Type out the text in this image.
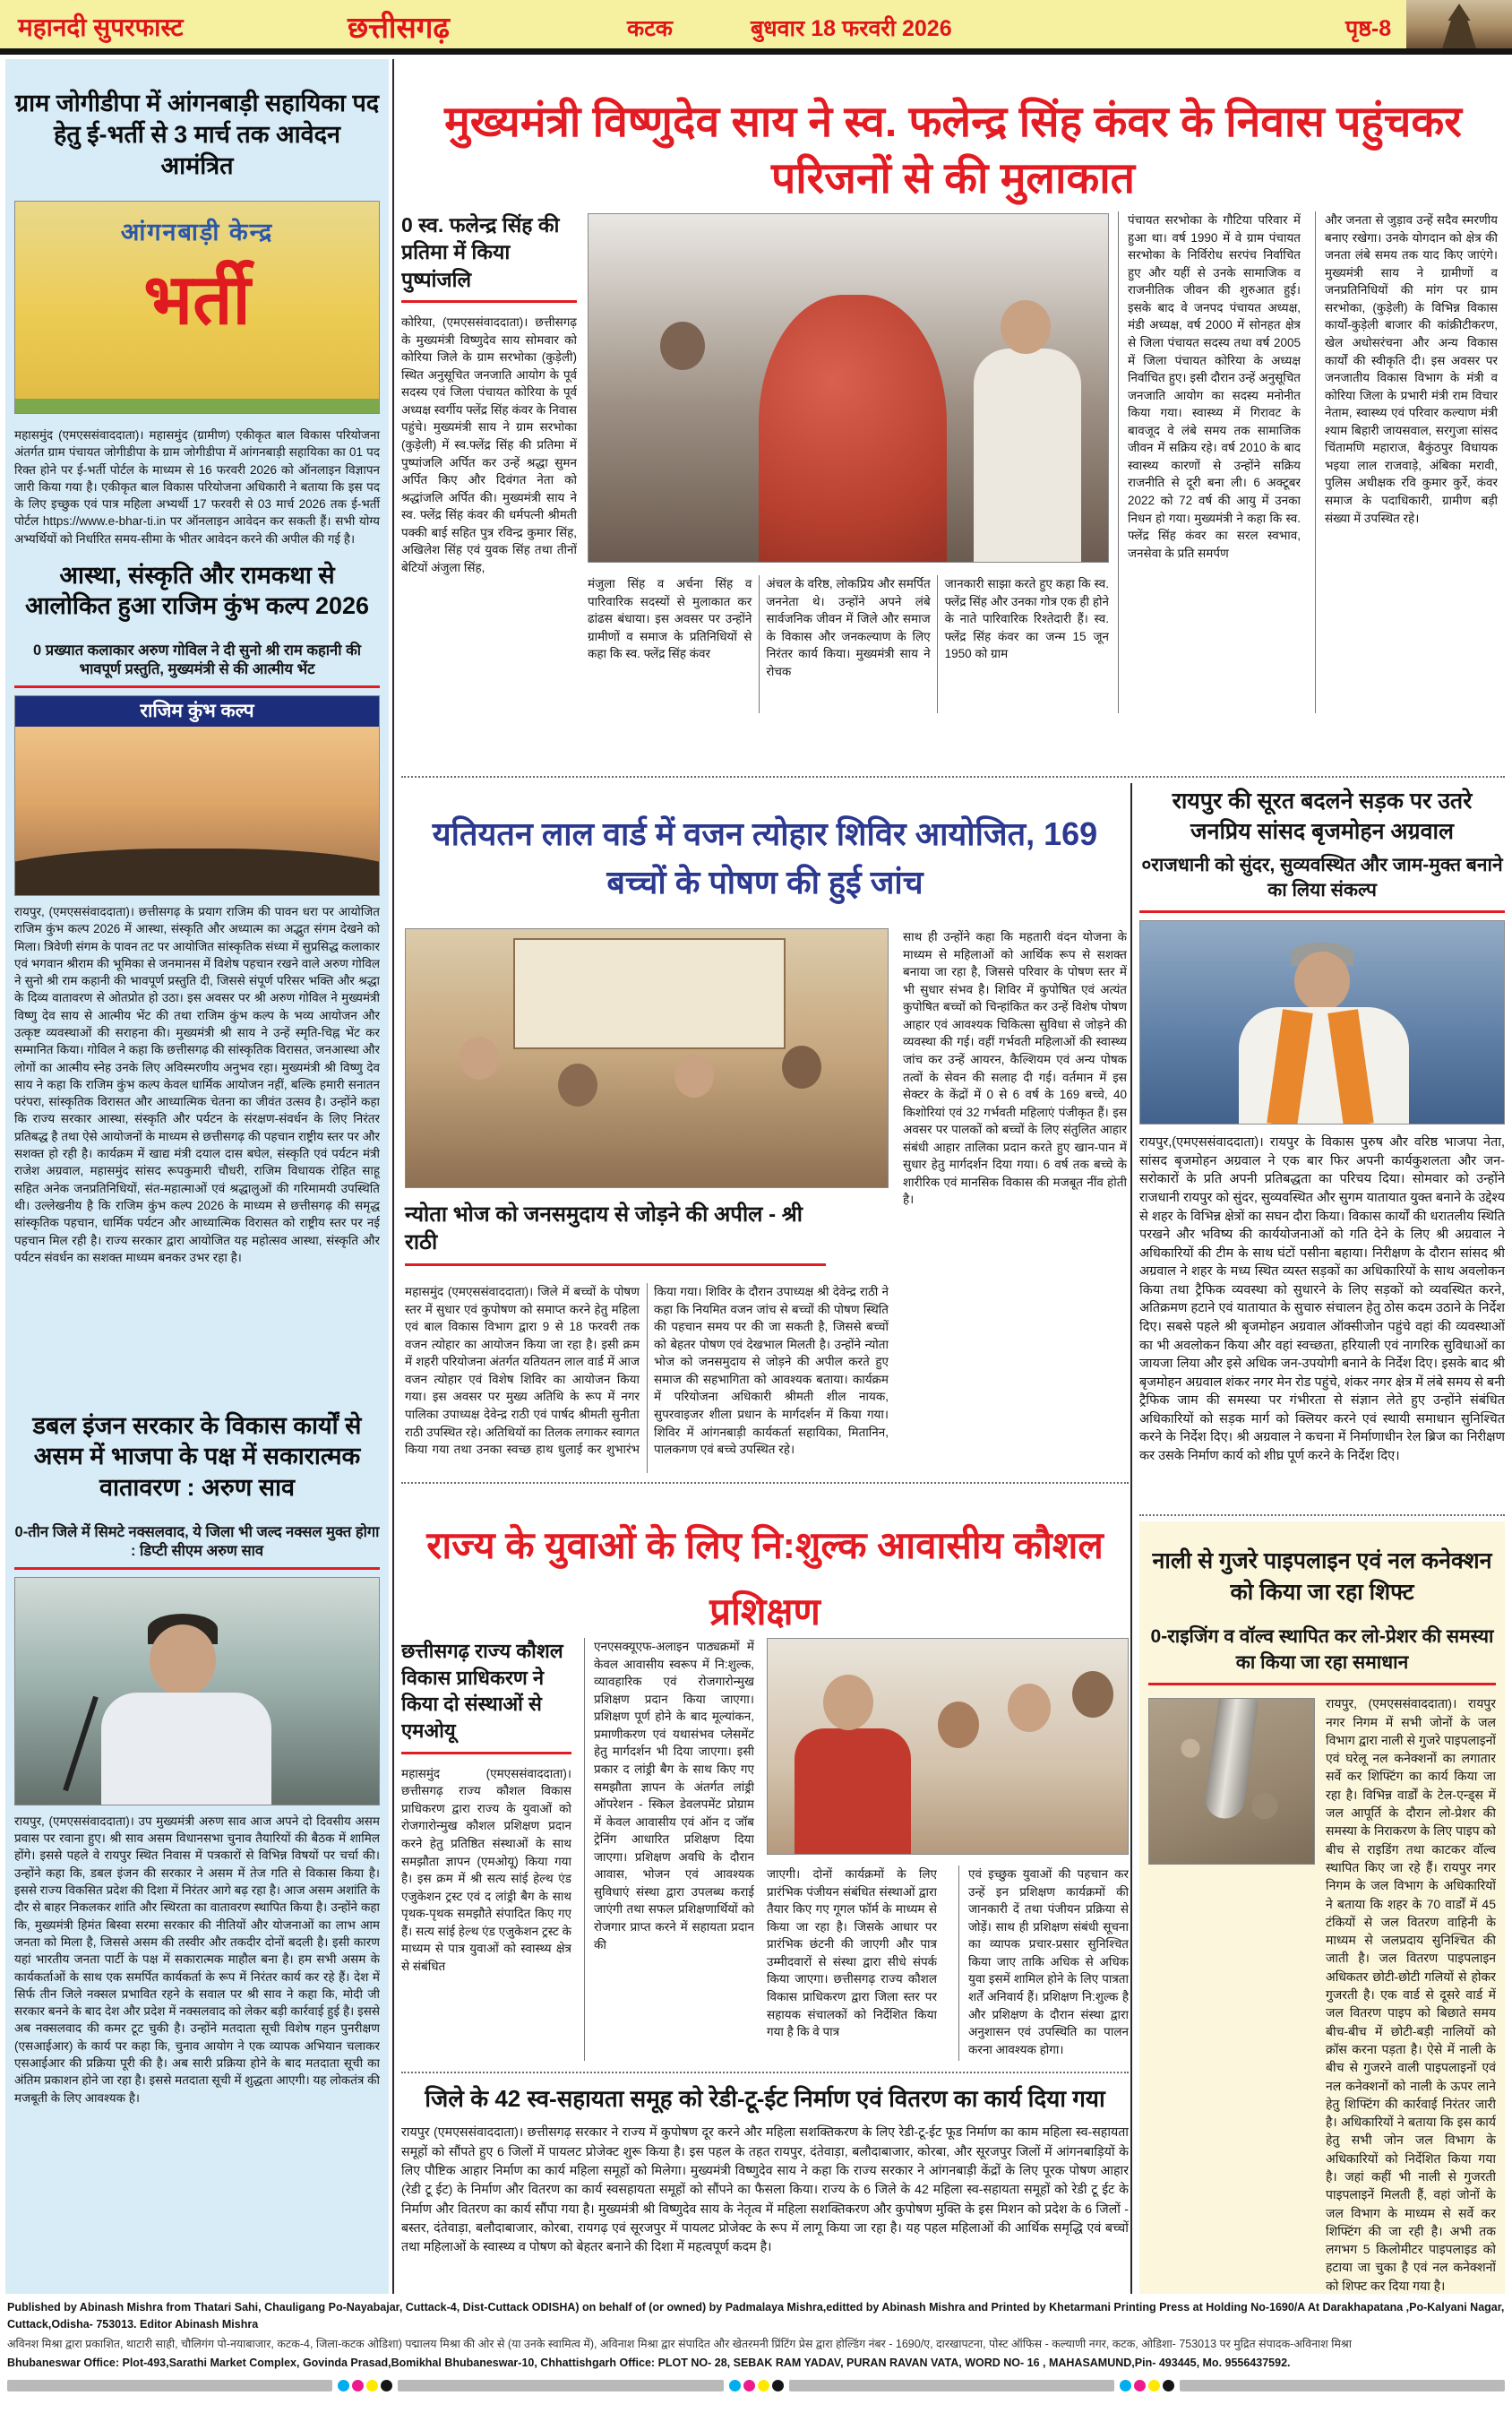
महानदी सुपरफास्ट	छत्तीसगढ़	कटक	बुधवार 18 फरवरी 2026	पृष्ठ-8
ग्राम जोगीडीपा में आंगनबाड़ी सहायिका पद हेतु ई-भर्ती से 3 मार्च तक आवेदन आमंत्रित
आंगनबाड़ी केन्द्र
भर्ती

महासमुंद (एमएससंवाददाता)। महासमुंद (ग्रामीण) एकीकृत बाल विकास परियोजना अंतर्गत ग्राम पंचायत जोगीडीपा के ग्राम जोगीडीपा में आंगनबाड़ी सहायिका का 01 पद रिक्त होने पर ई-भर्ती पोर्टल के माध्यम से 16 फरवरी 2026 को ऑनलाइन विज्ञापन जारी किया गया है। एकीकृत बाल विकास परियोजना अधिकारी ने बताया कि इस पद के लिए इच्छुक एवं पात्र महिला अभ्यर्थी 17 फरवरी से 03 मार्च 2026 तक ई-भर्ती पोर्टल https://www.e-bhar-ti.in पर ऑनलाइन आवेदन कर सकती हैं। सभी योग्य अभ्यर्थियों को निर्धारित समय-सीमा के भीतर आवेदन करने की अपील की गई है।

आस्था, संस्कृति और रामकथा से आलोकित हुआ राजिम कुंभ कल्प 2026
0 प्रख्यात कलाकार अरुण गोविल ने दी सुनो श्री राम कहानी की भावपूर्ण प्रस्तुति, मुख्यमंत्री से की आत्मीय भेंट
राजिम कुंभ कल्प

रायपुर, (एमएससंवाददाता)। छत्तीसगढ़ के प्रयाग राजिम की पावन धरा पर आयोजित राजिम कुंभ कल्प 2026 में आस्था, संस्कृति और अध्यात्म का अद्भुत संगम देखने को मिला। त्रिवेणी संगम के पावन तट पर आयोजित सांस्कृतिक संध्या में सुप्रसिद्ध कलाकार एवं भगवान श्रीराम की भूमिका से जनमानस में विशेष पहचान रखने वाले अरुण गोविल ने सुनो श्री राम कहानी की भावपूर्ण प्रस्तुति दी, जिससे संपूर्ण परिसर भक्ति और श्रद्धा के दिव्य वातावरण से ओतप्रोत हो उठा। इस अवसर पर श्री अरुण गोविल ने मुख्यमंत्री विष्णु देव साय से आत्मीय भेंट की तथा राजिम कुंभ कल्प के भव्य आयोजन और उत्कृष्ट व्यवस्थाओं की सराहना की। मुख्यमंत्री श्री साय ने उन्हें स्मृति-चिह्न भेंट कर सम्मानित किया। गोविल ने कहा कि छत्तीसगढ़ की सांस्कृतिक विरासत, जनआस्था और लोगों का आत्मीय स्नेह उनके लिए अविस्मरणीय अनुभव रहा। मुख्यमंत्री श्री विष्णु देव साय ने कहा कि राजिम कुंभ कल्प केवल धार्मिक आयोजन नहीं, बल्कि हमारी सनातन परंपरा, सांस्कृतिक विरासत और आध्यात्मिक चेतना का जीवंत उत्सव है। उन्होंने कहा कि राज्य सरकार आस्था, संस्कृति और पर्यटन के संरक्षण-संवर्धन के लिए निरंतर प्रतिबद्ध है तथा ऐसे आयोजनों के माध्यम से छत्तीसगढ़ की पहचान राष्ट्रीय स्तर पर और सशक्त हो रही है। कार्यक्रम में खाद्य मंत्री दयाल दास बघेल, संस्कृति एवं पर्यटन मंत्री राजेश अग्रवाल, महासमुंद सांसद रूपकुमारी चौधरी, राजिम विधायक रोहित साहू सहित अनेक जनप्रतिनिधियों, संत-महात्माओं एवं श्रद्धालुओं की गरिमामयी उपस्थिति थी। उल्लेखनीय है कि राजिम कुंभ कल्प 2026 के माध्यम से छत्तीसगढ़ की समृद्ध सांस्कृतिक पहचान, धार्मिक पर्यटन और आध्यात्मिक विरासत को राष्ट्रीय स्तर पर नई पहचान मिल रही है। राज्य सरकार द्वारा आयोजित यह महोत्सव आस्था, संस्कृति और पर्यटन संवर्धन का सशक्त माध्यम बनकर उभर रहा है।

डबल इंजन सरकार के विकास कार्यों से असम में भाजपा के पक्ष में सकारात्मक वातावरण : अरुण साव
0-तीन जिले में सिमटे नक्सलवाद, ये जिला भी जल्द नक्सल मुक्त होगा : डिप्टी सीएम अरुण साव

रायपुर, (एमएससंवाददाता)। उप मुख्यमंत्री अरुण साव आज अपने दो दिवसीय असम प्रवास पर रवाना हुए। श्री साव असम विधानसभा चुनाव तैयारियों की बैठक में शामिल होंगे। इससे पहले वे रायपुर स्थित निवास में पत्रकारों से विभिन्न विषयों पर चर्चा की। उन्होंने कहा कि, डबल इंजन की सरकार ने असम में तेज गति से विकास किया है। इससे राज्य विकसित प्रदेश की दिशा में निरंतर आगे बढ़ रहा है। आज असम अशांति के दौर से बाहर निकलकर शांति और स्थिरता का वातावरण स्थापित किया है। उन्होंने कहा कि, मुख्यमंत्री हिमंत बिस्वा सरमा सरकार की नीतियों और योजनाओं का लाभ आम जनता को मिला है, जिससे असम की तस्वीर और तकदीर दोनों बदली है। इसी कारण यहां भारतीय जनता पार्टी के पक्ष में सकारात्मक माहौल बना है। हम सभी असम के कार्यकर्ताओं के साथ एक समर्पित कार्यकर्ता के रूप में निरंतर कार्य कर रहे हैं। देश में सिर्फ तीन जिले नक्सल प्रभावित रहने के सवाल पर श्री साव ने कहा कि, मोदी जी सरकार बनने के बाद देश और प्रदेश में नक्सलवाद को लेकर बड़ी कार्रवाई हुई है। इससे अब नक्सलवाद की कमर टूट चुकी है। उन्होंने मतदाता सूची विशेष गहन पुनरीक्षण (एसआईआर) के कार्य पर कहा कि, चुनाव आयोग ने एक व्यापक अभियान चलाकर एसआईआर की प्रक्रिया पूरी की है। अब सारी प्रक्रिया होने के बाद मतदाता सूची का अंतिम प्रकाशन होने जा रहा है। इससे मतदाता सूची में शुद्धता आएगी। यह लोकतंत्र की मजबूती के लिए आवश्यक है।

मुख्यमंत्री विष्णुदेव साय ने स्व. फलेन्द्र सिंह कंवर के निवास पहुंचकर परिजनों से की मुलाकात
0 स्व. फलेन्द्र सिंह की प्रतिमा में किया पुष्पांजलि

कोरिया, (एमएससंवाददाता)। छत्तीसगढ़ के मुख्यमंत्री विष्णुदेव साय सोमवार को कोरिया जिले के ग्राम सरभोका (कुड़ेली) स्थित अनुसूचित जनजाति आयोग के पूर्व सदस्य एवं जिला पंचायत कोरिया के पूर्व अध्यक्ष स्वर्गीय फ्लेंद्र सिंह कंवर के निवास पहुंचे। मुख्यमंत्री साय ने ग्राम सरभोका (कुड़ेली) में स्व.फ्लेंद्र सिंह की प्रतिमा में पुष्पांजलि अर्पित कर उन्हें श्रद्धा सुमन अर्पित किए और दिवंगत नेता को श्रद्धांजलि अर्पित की। मुख्यमंत्री साय ने स्व. फ्लेंद्र सिंह कंवर की धर्मपत्नी श्रीमती पक्की बाई सहित पुत्र रविन्द्र कुमार सिंह, अखिलेश सिंह एवं युवक सिंह तथा तीनों बेटियों अंजुला सिंह,

मंजुला सिंह व अर्चना सिंह व पारिवारिक सदस्यों से मुलाकात कर ढांढस बंधाया। इस अवसर पर उन्होंने ग्रामीणों व समाज के प्रतिनिधियों से कहा कि स्व. फ्लेंद्र सिंह कंवर

अंचल के वरिष्ठ, लोकप्रिय और समर्पित जननेता थे। उन्होंने अपने लंबे सार्वजनिक जीवन में जिले और समाज के विकास और जनकल्याण के लिए निरंतर कार्य किया। मुख्यमंत्री साय ने रोचक

जानकारी साझा करते हुए कहा कि स्व. फ्लेंद्र सिंह और उनका गोत्र एक ही होने के नाते पारिवारिक रिश्तेदारी हैं। स्व. फ्लेंद्र सिंह कंवर का जन्म 15 जून 1950 को ग्राम

पंचायत सरभोका के गौटिया परिवार में हुआ था। वर्ष 1990 में वे ग्राम पंचायत सरभोका के निर्विरोध सरपंच निर्वाचित हुए और यहीं से उनके सामाजिक व राजनीतिक जीवन की शुरुआत हुई। इसके बाद वे जनपद पंचायत अध्यक्ष, मंडी अध्यक्ष, वर्ष 2000 में सोनहत क्षेत्र से जिला पंचायत सदस्य तथा वर्ष 2005 में जिला पंचायत कोरिया के अध्यक्ष निर्वाचित हुए। इसी दौरान उन्हें अनुसूचित जनजाति आयोग का सदस्य मनोनीत किया गया। स्वास्थ्य में गिरावट के बावजूद वे लंबे समय तक सामाजिक जीवन में सक्रिय रहे। वर्ष 2010 के बाद स्वास्थ्य कारणों से उन्होंने सक्रिय राजनीति से दूरी बना ली। 6 अक्टूबर 2022 को 72 वर्ष की आयु में उनका निधन हो गया। मुख्यमंत्री ने कहा कि स्व. फ्लेंद्र सिंह कंवर का सरल स्वभाव, जनसेवा के प्रति समर्पण

और जनता से जुड़ाव उन्हें सदैव स्मरणीय बनाए रखेगा। उनके योगदान को क्षेत्र की जनता लंबे समय तक याद किए जाएंगे। मुख्यमंत्री साय ने ग्रामीणों व जनप्रतिनिधियों की मांग पर ग्राम सरभोका, (कुड़ेली) के विभिन्न विकास कार्यों-कुड़ेली बाजार की कांक्रीटीकरण, खेल अधोसरंचना और अन्य विकास कार्यों की स्वीकृति दी। इस अवसर पर जनजातीय विकास विभाग के मंत्री व कोरिया जिला के प्रभारी मंत्री राम विचार नेताम, स्वास्थ्य एवं परिवार कल्याण मंत्री श्याम बिहारी जायसवाल, सरगुजा सांसद चिंतामणि महाराज, बैकुंठपुर विधायक भइया लाल राजवाड़े, अंबिका मरावी, पुलिस अधीक्षक रवि कुमार कुर्रे, कंवर समाज के पदाधिकारी, ग्रामीण बड़ी संख्या में उपस्थित रहे।

यतियतन लाल वार्ड में वजन त्योहार शिविर आयोजित, 169 बच्चों के पोषण की हुई जांच

साथ ही उन्होंने कहा कि महतारी वंदन योजना के माध्यम से महिलाओं को आर्थिक रूप से सशक्त बनाया जा रहा है, जिससे परिवार के पोषण स्तर में भी सुधार संभव है। शिविर में कुपोषित एवं अत्यंत कुपोषित बच्चों को चिन्हांकित कर उन्हें विशेष पोषण आहार एवं आवश्यक चिकित्सा सुविधा से जोड़ने की व्यवस्था की गई। वहीं गर्भवती महिलाओं की स्वास्थ्य जांच कर उन्हें आयरन, कैल्शियम एवं अन्य पोषक तत्वों के सेवन की सलाह दी गई। वर्तमान में इस सेक्टर के केंद्रों में 0 से 6 वर्ष के 169 बच्चे, 40 किशोरियां एवं 32 गर्भवती महिलाएं पंजीकृत हैं। इस अवसर पर पालकों को बच्चों के लिए संतुलित आहार संबंधी आहार तालिका प्रदान करते हुए खान-पान में सुधार हेतु मार्गदर्शन दिया गया। 6 वर्ष तक बच्चे के शारीरिक एवं मानसिक विकास की मजबूत नींव होती है।

न्योता भोज को जनसमुदाय से जोड़ने की अपील - श्री राठी

महासमुंद (एमएससंवाददाता)। जिले में बच्चों के पोषण स्तर में सुधार एवं कुपोषण को समाप्त करने हेतु महिला एवं बाल विकास विभाग द्वारा 9 से 18 फरवरी तक वजन त्योहार का आयोजन किया जा रहा है। इसी क्रम में शहरी परियोजना अंतर्गत यतियतन लाल वार्ड में आज वजन त्योहार एवं विशेष शिविर का आयोजन किया गया। इस अवसर पर मुख्य अतिथि के रूप में नगर पालिका उपाध्यक्ष देवेन्द्र राठी एवं पार्षद श्रीमती सुनीता राठी उपस्थित रहे। अतिथियों का तिलक लगाकर स्वागत किया गया तथा उनका स्वच्छ हाथ धुलाई कर शुभारंभ किया गया। शिविर के दौरान उपाध्यक्ष श्री देवेन्द्र राठी ने कहा कि नियमित वजन जांच से बच्चों की पोषण स्थिति की पहचान समय पर की जा सकती है, जिससे बच्चों को बेहतर पोषण एवं देखभाल मिलती है। उन्होंने न्योता भोज को जनसमुदाय से जोड़ने की अपील करते हुए समाज की सहभागिता को आवश्यक बताया। कार्यक्रम में परियोजना अधिकारी श्रीमती शील नायक, सुपरवाइजर शीला प्रधान के मार्गदर्शन में किया गया। शिविर में आंगनबाड़ी कार्यकर्ता सहायिका, मितानिन, पालकगण एवं बच्चे उपस्थित रहे।

रायपुर की सूरत बदलने सड़क पर उतरे जनप्रिय सांसद बृजमोहन अग्रवाल
०राजधानी को सुंदर, सुव्यवस्थित और जाम-मुक्त बनाने का लिया संकल्प

रायपुर,(एमएससंवाददाता)। रायपुर के विकास पुरुष और वरिष्ठ भाजपा नेता, सांसद बृजमोहन अग्रवाल ने एक बार फिर अपनी कार्यकुशलता और जन-सरोकारों के प्रति अपनी प्रतिबद्धता का परिचय दिया। सोमवार को उन्होंने राजधानी रायपुर को सुंदर, सुव्यवस्थित और सुगम यातायात युक्त बनाने के उद्देश्य से शहर के विभिन्न क्षेत्रों का सघन दौरा किया। विकास कार्यों की धरातलीय स्थिति परखने और भविष्य की कार्ययोजनाओं को गति देने के लिए श्री अग्रवाल ने अधिकारियों की टीम के साथ घंटों पसीना बहाया। निरीक्षण के दौरान सांसद श्री अग्रवाल ने शहर के मध्य स्थित व्यस्त सड़कों का अधिकारियों के साथ अवलोकन किया तथा ट्रैफिक व्यवस्था को सुधारने के लिए सड़कों को व्यवस्थित करने, अतिक्रमण हटाने एवं यातायात के सुचारु संचालन हेतु ठोस कदम उठाने के निर्देश दिए। सबसे पहले श्री बृजमोहन अग्रवाल ऑक्सीजोन पहुंचे वहां की व्यवस्थाओं का भी अवलोकन किया और वहां स्वच्छता, हरियाली एवं नागरिक सुविधाओं का जायजा लिया और इसे अधिक जन-उपयोगी बनाने के निर्देश दिए। इसके बाद श्री बृजमोहन अग्रवाल शंकर नगर मेन रोड पहुंचे, शंकर नगर क्षेत्र में लंबे समय से बनी ट्रैफिक जाम की समस्या पर गंभीरता से संज्ञान लेते हुए उन्होंने संबंधित अधिकारियों को सड़क मार्ग को क्लियर करने एवं स्थायी समाधान सुनिश्चित करने के निर्देश दिए। श्री अग्रवाल ने कचना में निर्माणाधीन रेल ब्रिज का निरीक्षण कर उसके निर्माण कार्य को शीघ्र पूर्ण करने के निर्देश दिए।

राज्य के युवाओं के लिए नि:शुल्क आवासीय कौशल प्रशिक्षण
छत्तीसगढ़ राज्य कौशल विकास प्राधिकरण ने किया दो संस्थाओं से एमओयू

महासमुंद (एमएससंवाददाता)। छत्तीसगढ़ राज्य कौशल विकास प्राधिकरण द्वारा राज्य के युवाओं को रोजगारोन्मुख कौशल प्रशिक्षण प्रदान करने हेतु प्रतिष्ठित संस्थाओं के साथ समझौता ज्ञापन (एमओयू) किया गया है। इस क्रम में श्री सत्य सांई हेल्थ एंड एजुकेशन ट्रस्ट एवं द लांड्री बैग के साथ पृथक-पृथक समझौते संपादित किए गए हैं। सत्य सांई हेल्थ एंड एजुकेशन ट्रस्ट के माध्यम से पात्र युवाओं को स्वास्थ्य क्षेत्र से संबंधित

एनएसक्यूएफ-अलाइन पाठ्यक्रमों में केवल आवासीय स्वरूप में नि:शुल्क, व्यावहारिक एवं रोजगारोन्मुख प्रशिक्षण प्रदान किया जाएगा। प्रशिक्षण पूर्ण होने के बाद मूल्यांकन, प्रमाणीकरण एवं यथासंभव प्लेसमेंट हेतु मार्गदर्शन भी दिया जाएगा। इसी प्रकार द लांड्री बैग के साथ किए गए समझौता ज्ञापन के अंतर्गत लांड्री ऑपरेशन - स्किल डेवलपमेंट प्रोग्राम में केवल आवासीय एवं ऑन द जॉब ट्रेनिंग आधारित प्रशिक्षण दिया जाएगा। प्रशिक्षण अवधि के दौरान आवास, भोजन एवं आवश्यक सुविधाएं संस्था द्वारा उपलब्ध कराई जाएंगी तथा सफल प्रशिक्षणार्थियों को रोजगार प्राप्त करने में सहायता प्रदान की

जाएगी। दोनों कार्यक्रमों के लिए प्रारंभिक पंजीयन संबंधित संस्थाओं द्वारा तैयार किए गए गूगल फॉर्म के माध्यम से किया जा रहा है। जिसके आधार पर प्रारंभिक छंटनी की जाएगी और पात्र उम्मीदवारों से संस्था द्वारा सीधे संपर्क किया जाएगा। छत्तीसगढ़ राज्य कौशल विकास प्राधिकरण द्वारा जिला स्तर पर सहायक संचालकों को निर्देशित किया गया है कि वे पात्र

एवं इच्छुक युवाओं की पहचान कर उन्हें इन प्रशिक्षण कार्यक्रमों की जानकारी दें तथा पंजीयन प्रक्रिया से जोड़ें। साथ ही प्रशिक्षण संबंधी सूचना का व्यापक प्रचार-प्रसार सुनिश्चित किया जाए ताकि अधिक से अधिक युवा इसमें शामिल होने के लिए पात्रता शर्तें अनिवार्य हैं। प्रशिक्षण नि:शुल्क है और प्रशिक्षण के दौरान संस्था द्वारा अनुशासन एवं उपस्थिति का पालन करना आवश्यक होगा।

जिले के 42 स्व-सहायता समूह को रेडी-टू-ईट निर्माण एवं वितरण का कार्य दिया गया

रायपुर (एमएससंवाददाता)। छत्तीसगढ़ सरकार ने राज्य में कुपोषण दूर करने और महिला सशक्तिकरण के लिए रेडी-टू-ईट फूड निर्माण का काम महिला स्व-सहायता समूहों को सौंपते हुए 6 जिलों में पायलट प्रोजेक्ट शुरू किया है। इस पहल के तहत रायपुर, दंतेवाड़ा, बलौदाबाजार, कोरबा, और सूरजपुर जिलों में आंगनबाड़ियों के लिए पौष्टिक आहार निर्माण का कार्य महिला समूहों को मिलेगा। मुख्यमंत्री विष्णुदेव साय ने कहा कि राज्य सरकार ने आंगनबाड़ी केंद्रों के लिए पूरक पोषण आहार (रेडी टू ईट) के निर्माण और वितरण का कार्य स्वसहायता समूहों को सौंपने का फैसला किया। राज्य के 6 जिले के 42 महिला स्व-सहायता समूहों को रेडी टू ईट के निर्माण और वितरण का कार्य सौंपा गया है। मुख्यमंत्री श्री विष्णुदेव साय के नेतृत्व में महिला सशक्तिकरण और कुपोषण मुक्ति के इस मिशन को प्रदेश के 6 जिलों - बस्तर, दंतेवाड़ा, बलौदाबाजार, कोरबा, रायगढ़ एवं सूरजपुर में पायलट प्रोजेक्ट के रूप में लागू किया जा रहा है। यह पहल महिलाओं की आर्थिक समृद्धि एवं बच्चों तथा महिलाओं के स्वास्थ्य व पोषण को बेहतर बनाने की दिशा में महत्वपूर्ण कदम है।

नाली से गुजरे पाइपलाइन एवं नल कनेक्शन को किया जा रहा शिफ्ट
0-राइजिंग व वॉल्व स्थापित कर लो-प्रेशर की समस्या का किया जा रहा समाधान

रायपुर, (एमएससंवाददाता)। रायपुर नगर निगम में सभी जोनों के जल विभाग द्वारा नाली से गुजरे पाइपलाइनों एवं घरेलू नल कनेक्शनों का लगातार सर्वे कर शिफ्टिंग का कार्य किया जा रहा है। विभिन्न वार्डों के टेल-एन्ड्स में जल आपूर्ति के दौरान लो-प्रेशर की समस्या के निराकरण के लिए पाइप को बीच से राइडिंग तथा काटकर वॉल्व स्थापित किए जा रहे हैं। रायपुर नगर निगम के जल विभाग के अधिकारियों ने बताया कि शहर के 70 वार्डों में 45 टंकियों से जल वितरण वाहिनी के माध्यम से जलप्रदाय सुनिश्चित की जाती है। जल वितरण पाइपलाइन अधिकतर छोटी-छोटी गलियों से होकर गुजरती है। एक वार्ड से दूसरे वार्ड में जल वितरण पाइप को बिछाते समय बीच-बीच में छोटी-बड़ी नालियों को क्रॉस करना पड़ता है। ऐसे में नाली के बीच से गुजरने वाली पाइपलाइनों एवं नल कनेक्शनों को नाली के ऊपर लाने हेतु शिफ्टिंग की कार्रवाई निरंतर जारी है। अधिकारियों ने बताया कि इस कार्य हेतु सभी जोन जल विभाग के अधिकारियों को निर्देशित किया गया है। जहां कहीं भी नाली से गुजरती पाइपलाइनें मिलती हैं, वहां जोनों के जल विभाग के माध्यम से सर्वे कर शिफ्टिंग की जा रही है। अभी तक लगभग 5 किलोमीटर पाइपलाइड को हटाया जा चुका है एवं नल कनेक्शनों को शिफ्ट कर दिया गया है।

Published by Abinash Mishra from Thatari Sahi, Chauligang Po-Nayabajar, Cuttack-4, Dist-Cuttack ODISHA) on behalf of (or owned) by Padmalaya Mishra,editted by Abinash Mishra and Printed by Khetarmani Printing Press at Holding No-1690/A At Darakhapatana ,Po-Kalyani Nagar, Cuttack,Odisha- 753013. Editor Abinash Mishra
अविनश मिश्रा द्वारा प्रकाशित, थाटारी साही, चौलिगंग पो-नयाबाजार, कटक-4, जिला-कटक ओडिशा) पद्मालय मिश्रा की ओर से (या उनके स्वामित्व में), अविनाश मिश्रा द्वार संपादित और खेतरमनी प्रिंटिंग प्रेस द्वारा होल्डिंग नंबर - 1690/ए, दारखापटना, पोस्ट ऑफिस - कल्याणी नगर, कटक, ओडिशा- 753013 पर मुद्रित संपादक-अविनाश मिश्रा
Bhubaneswar Office: Plot-493,Sarathi Market Complex, Govinda Prasad,Bomikhal Bhubaneswar-10, Chhattishgarh Office: PLOT NO- 28, SEBAK RAM YADAV, PURAN RAVAN VATA, WORD NO- 16 , MAHASAMUND,Pin- 493445, Mo. 9556437592.
